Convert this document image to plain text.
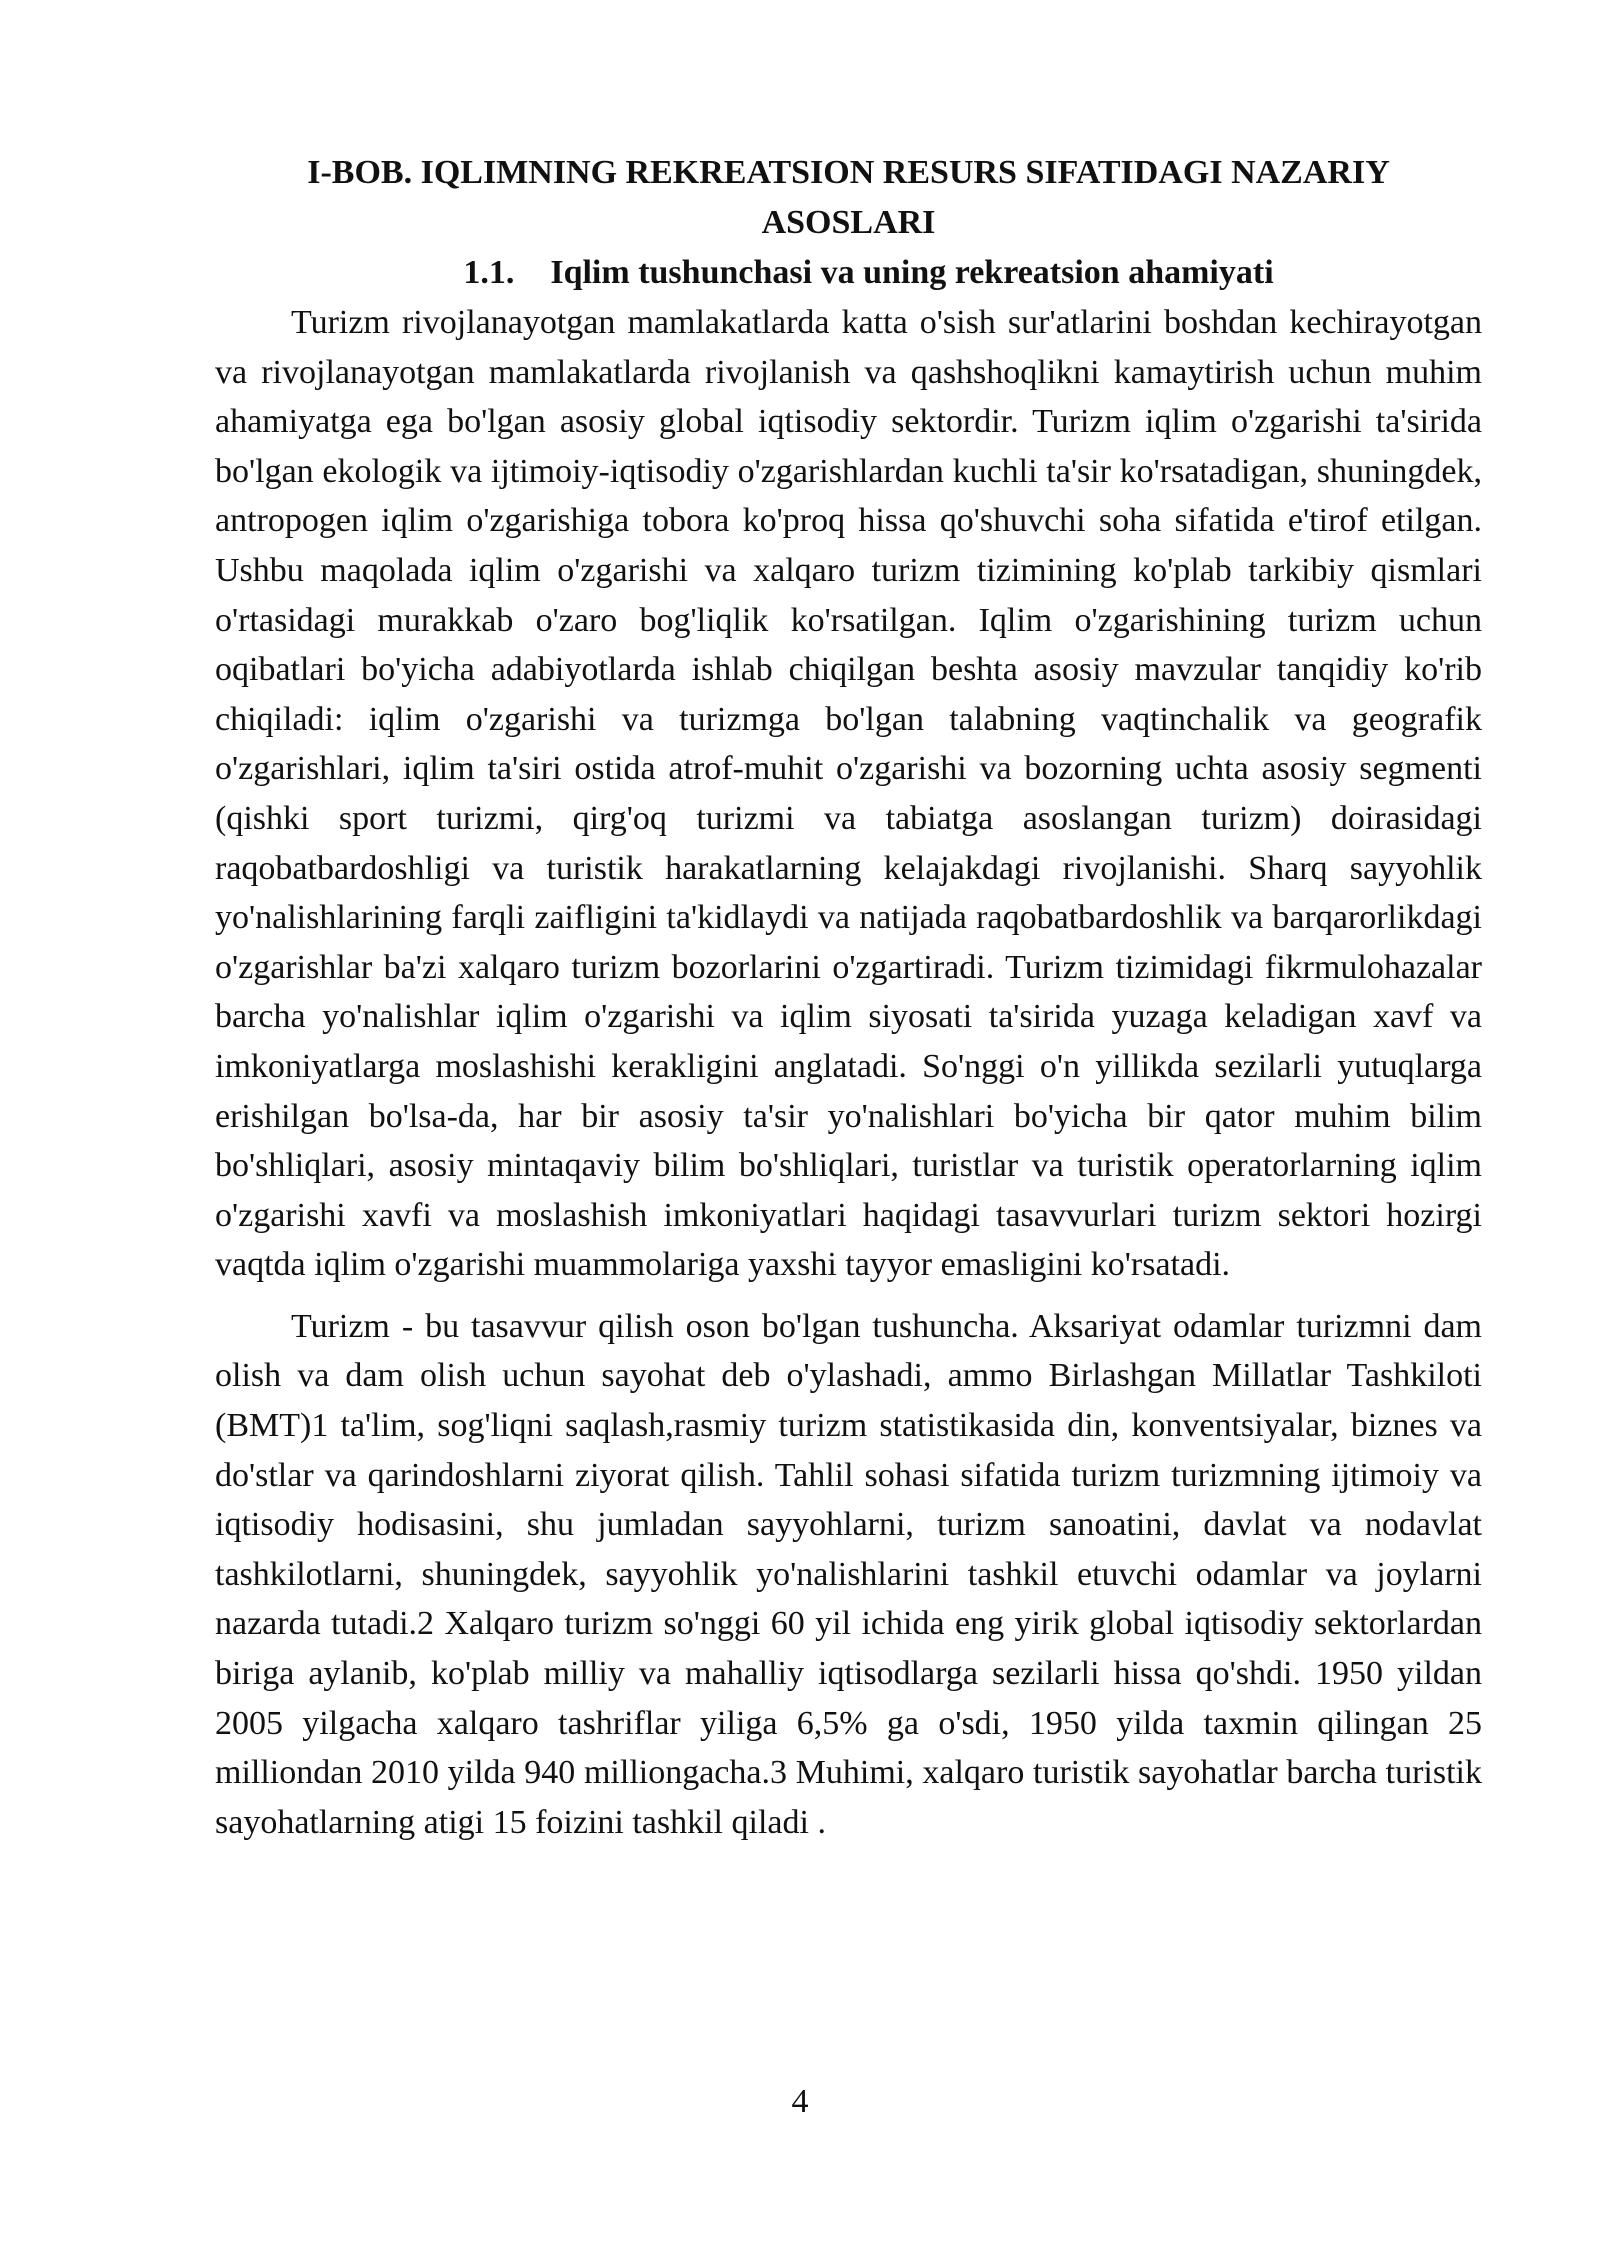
I-BOB. IQLIMNING REKREATSION RESURS SIFATIDAGI NAZARIY ASOSLARI
1.1. Iqlim tushunchasi va uning rekreatsion ahamiyati

Turizm rivojlanayotgan mamlakatlarda katta o'sish sur'atlarini boshdan kechirayotgan va rivojlanayotgan mamlakatlarda rivojlanish va qashshoqlikni kamaytirish uchun muhim ahamiyatga ega bo'lgan asosiy global iqtisodiy sektordir. Turizm iqlim o'zgarishi ta'sirida bo'lgan ekologik va ijtimoiy-iqtisodiy o'zgarishlardan kuchli ta'sir ko'rsatadigan, shuningdek, antropogen iqlim o'zgarishiga tobora ko'proq hissa qo'shuvchi soha sifatida e'tirof etilgan. Ushbu maqolada iqlim o'zgarishi va xalqaro turizm tizimining ko'plab tarkibiy qismlari o'rtasidagi murakkab o'zaro bog'liqlik ko'rsatilgan. Iqlim o'zgarishining turizm uchun oqibatlari bo'yicha adabiyotlarda ishlab chiqilgan beshta asosiy mavzular tanqidiy ko'rib chiqiladi: iqlim o'zgarishi va turizmga bo'lgan talabning vaqtinchalik va geografik o'zgarishlari, iqlim ta'siri ostida atrof-muhit o'zgarishi va bozorning uchta asosiy segmenti (qishki sport turizmi, qirg'oq turizmi va tabiatga asoslangan turizm) doirasidagi raqobatbardoshligi va turistik harakatlarning kelajakdagi rivojlanishi. Sharq sayyohlik yo'nalishlarining farqli zaifligini ta'kidlaydi va natijada raqobatbardoshlik va barqarorlikdagi o'zgarishlar ba'zi xalqaro turizm bozorlarini o'zgartiradi. Turizm tizimidagi fikrmulohazalar barcha yo'nalishlar iqlim o'zgarishi va iqlim siyosati ta'sirida yuzaga keladigan xavf va imkoniyatlarga moslashishi kerakligini anglatadi. So'nggi o'n yillikda sezilarli yutuqlarga erishilgan bo'lsa-da, har bir asosiy ta'sir yo'nalishlari bo'yicha bir qator muhim bilim bo'shliqlari, asosiy mintaqaviy bilim bo'shliqlari, turistlar va turistik operatorlarning iqlim o'zgarishi xavfi va moslashish imkoniyatlari haqidagi tasavvurlari turizm sektori hozirgi vaqtda iqlim o'zgarishi muammolariga yaxshi tayyor emasligini ko'rsatadi.

Turizm - bu tasavvur qilish oson bo'lgan tushuncha. Aksariyat odamlar turizmni dam olish va dam olish uchun sayohat deb o'ylashadi, ammo Birlashgan Millatlar Tashkiloti (BMT)1 ta'lim, sog'liqni saqlash,rasmiy turizm statistikasida din, konventsiyalar, biznes va do'stlar va qarindoshlarni ziyorat qilish. Tahlil sohasi sifatida turizm turizmning ijtimoiy va iqtisodiy hodisasini, shu jumladan sayyohlarni, turizm sanoatini, davlat va nodavlat tashkilotlarni, shuningdek, sayyohlik yo'nalishlarini tashkil etuvchi odamlar va joylarni nazarda tutadi.2 Xalqaro turizm so'nggi 60 yil ichida eng yirik global iqtisodiy sektorlardan biriga aylanib, ko'plab milliy va mahalliy iqtisodlarga sezilarli hissa qo'shdi. 1950 yildan 2005 yilgacha xalqaro tashriflar yiligа 6,5% ga o'sdi, 1950 yilda taxmin qilingan 25 milliondan 2010 yilda 940 milliongacha.3 Muhimi, xalqaro turistik sayohatlar barcha turistik sayohatlarning atigi 15 foizini tashkil qiladi .

4
